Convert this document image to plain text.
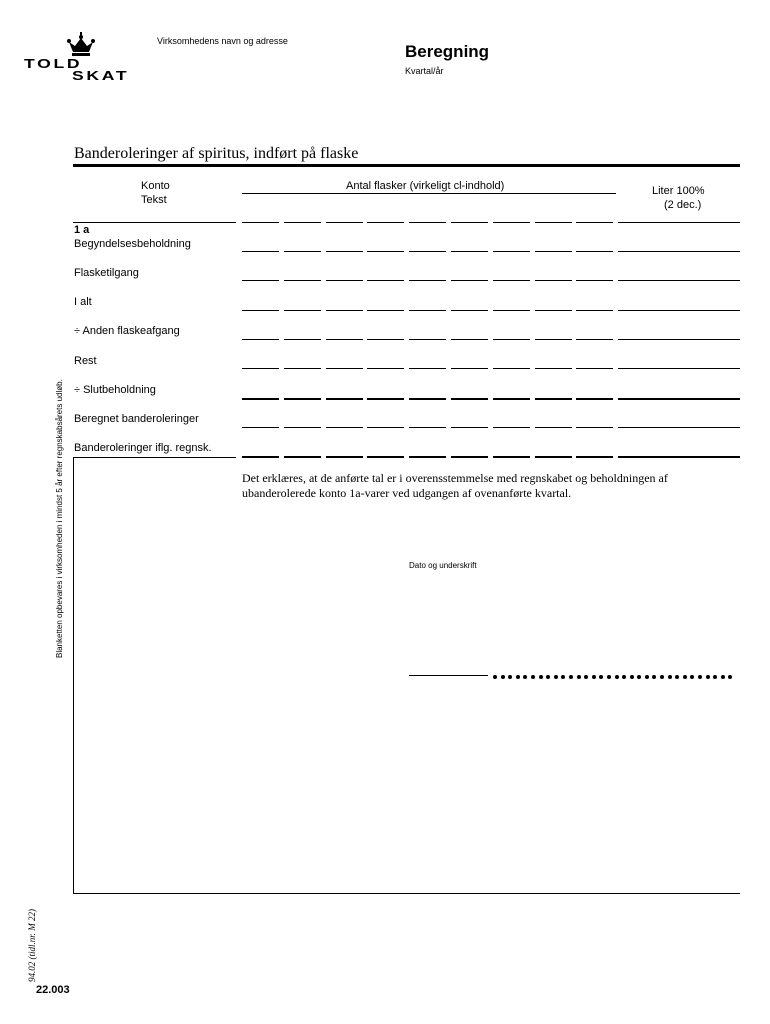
TOLD
SKAT
Virksomhedens navn og adresse
Beregning
Kvartal/år
Banderoleringer af spiritus, indført på flaske
Konto
Tekst
Antal flasker (virkeligt cl-indhold)	Liter 100%
(2 dec.)
1 a
Begyndelsesbeholdning
Flasketilgang
I alt
÷ Anden flaskeafgang
Rest
÷ Slutbeholdning
Beregnet banderoleringer
Banderoleringer iflg. regnsk.
Det erklæres, at de anførte tal er i overensstemmelse med regnskabet og beholdningen af ubanderolerede konto 1a-varer ved udgangen af ovenanførte kvartal.
Dato og underskrift
Blanketten opbevares i virksomheden i mindst 5 år efter regnskabsårets udløb.
94.02 (tidl.nr. M 22)
22.003
